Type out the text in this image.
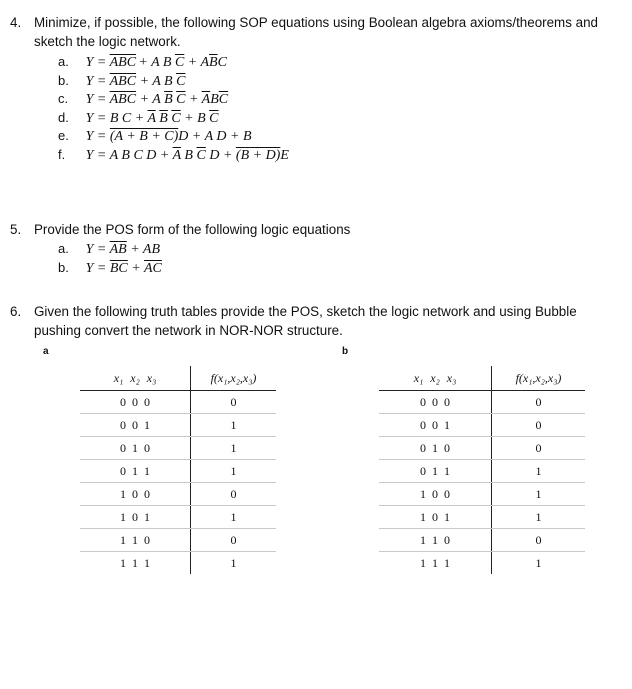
4. Minimize, if possible, the following SOP equations using Boolean algebra axioms/theorems and
sketch the logic network.
a. $Y = \overline{ABC}$  + A B $\overline{C} + A\overline{B}C$
b. $Y = \overline{AB}\overline{C} + A$ B $\overline{C}$
c. $Y = \overline{AB}\overline{C} + A$ $\overline{B}$ $\overline{C} + \overline{A}B\overline{C}$
d. Y = B $C + \overline{A}$ $\overline{B}$ $\overline{C} + B$ $\overline{C}$
e. Y = (A + B + C)D + A D + B
f. Y = A B C $D + \overline{A}$ B $\overline{C}$ D + (B + D)E
5. Provide the POS form of the following logic equations
a. $Y = \overline{A}\overline{B}$ + AB
b. $Y = \overline{B}\overline{C} + \overline{A}\overline{C}$
6. Given the following truth tables provide the POS, sketch the logic network and using Bubble
pushing convert the network in NOR-NOR structure.
a	b
x₁ x₂ x₃	f(x₁,x₂,x₃)
0  0  0	0
0  0  1	1
0  1  0	1
0  1  1	1
1  0  0	0
1  0  1	1
1  1  0	0
1  1  1	1
x₁ x₂ x₃	f(x₁,x₂,x₃)
0  0  0	0
0  0  1	0
0  1  0	0
0  1  1	1
1  0  0	1
1  0  1	1
1  1  0	0
1  1  1	1
